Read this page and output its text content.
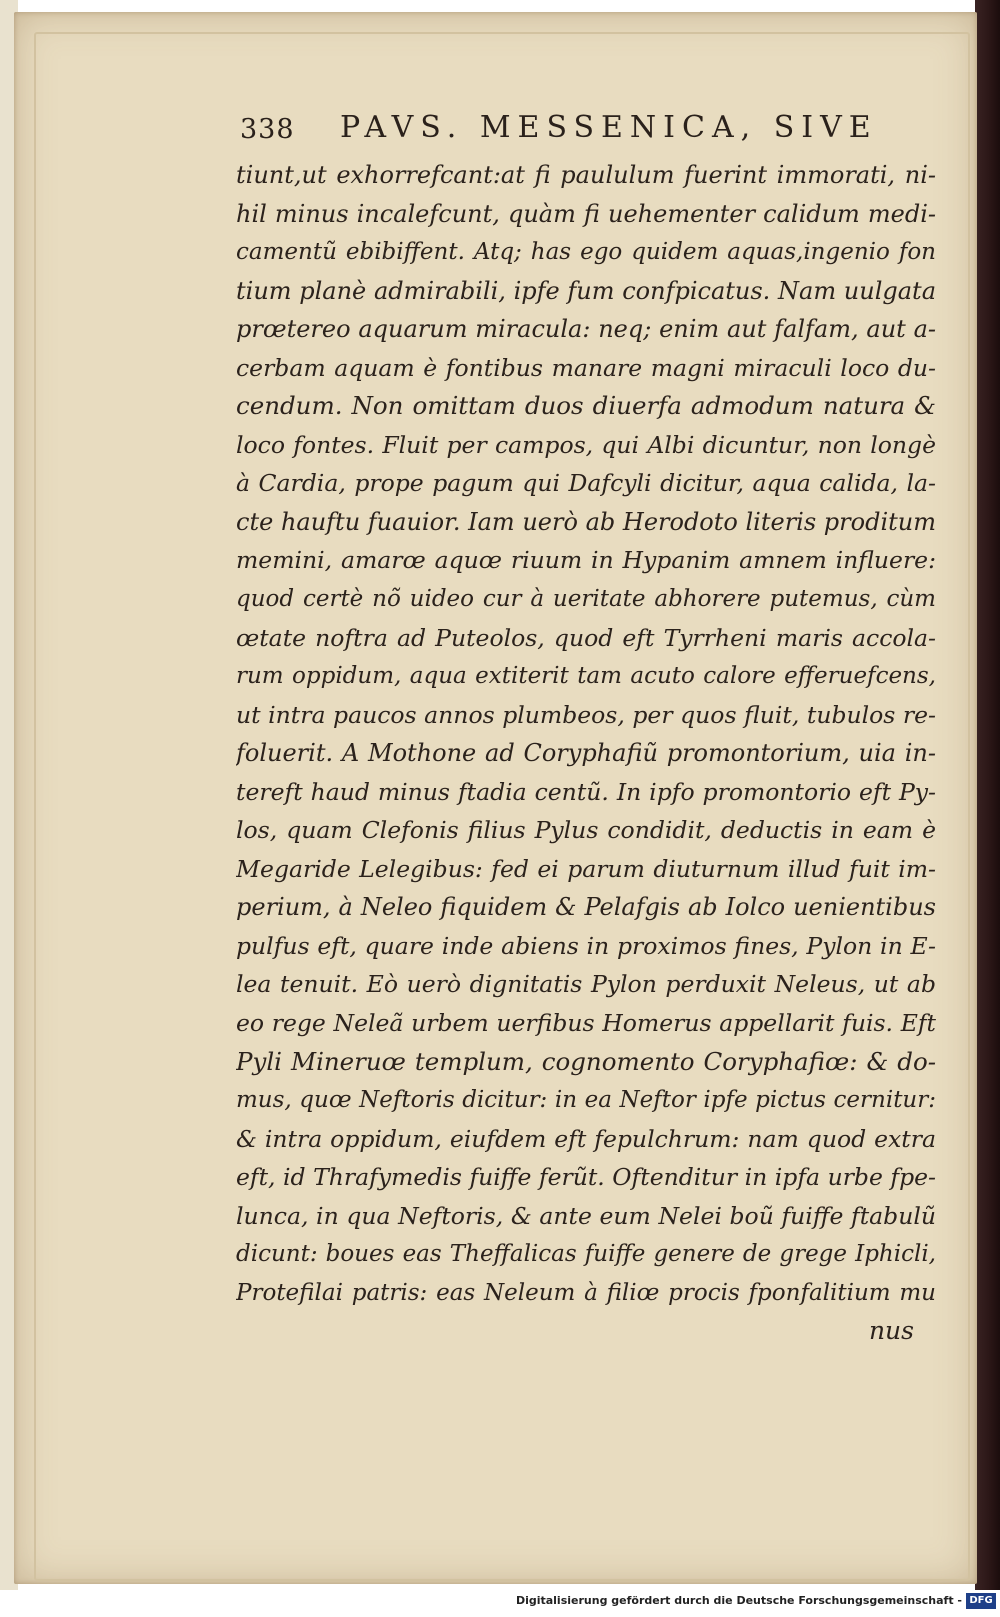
338 PAVS. MESSENICA, SIVE
tiunt,ut exhorrefcant:at fi paululum fuerint immorati, ni-
hil minus incalefcunt, quàm fi uehementer calidum medi-
camentũ ebibiffent. Atq; has ego quidem aquas,ingenio fon
tium planè admirabili, ipfe fum confpicatus. Nam uulgata
prœtereo aquarum miracula: neq; enim aut falfam, aut a-
cerbam aquam è fontibus manare magni miraculi loco du-
cendum. Non omittam duos diuerfa admodum natura &
loco fontes. Fluit per campos, qui Albi dicuntur, non longè
à Cardia, prope pagum qui Dafcyli dicitur, aqua calida, la-
cte hauftu fuauior. Iam uerò ab Herodoto literis proditum
memini, amarœ aquœ riuum in Hypanim amnem influere:
quod certè nõ uideo cur à ueritate abhorere putemus, cùm
œtate noftra ad Puteolos, quod eft Tyrrheni maris accola-
rum oppidum, aqua extiterit tam acuto calore efferuefcens,
ut intra paucos annos plumbeos, per quos fluit, tubulos re-
foluerit. A Mothone ad Coryphafiũ promontorium, uia in-
tereft haud minus ftadia centũ. In ipfo promontorio eft Py-
los, quam Clefonis filius Pylus condidit, deductis in eam è
Megaride Lelegibus: fed ei parum diuturnum illud fuit im-
perium, à Neleo fiquidem & Pelafgis ab Iolco uenientibus
pulfus eft, quare inde abiens in proximos fines, Pylon in E-
lea tenuit. Eò uerò dignitatis Pylon perduxit Neleus, ut ab
eo rege Neleã urbem uerfibus Homerus appellarit fuis. Eft
Pyli Mineruœ templum, cognomento Coryphafiœ: & do-
mus, quœ Neftoris dicitur: in ea Neftor ipfe pictus cernitur:
& intra oppidum, eiufdem eft fepulchrum: nam quod extra
eft, id Thrafymedis fuiffe ferũt. Oftenditur in ipfa urbe fpe-
lunca, in qua Neftoris, & ante eum Nelei boũ fuiffe ftabulũ
dicunt: boues eas Theffalicas fuiffe genere de grege Iphicli,
Protefilai patris: eas Neleum à filiœ procis fponfalitium mu
nus
Digitalisierung gefördert durch die Deutsche Forschungsgemeinschaft - DFG
